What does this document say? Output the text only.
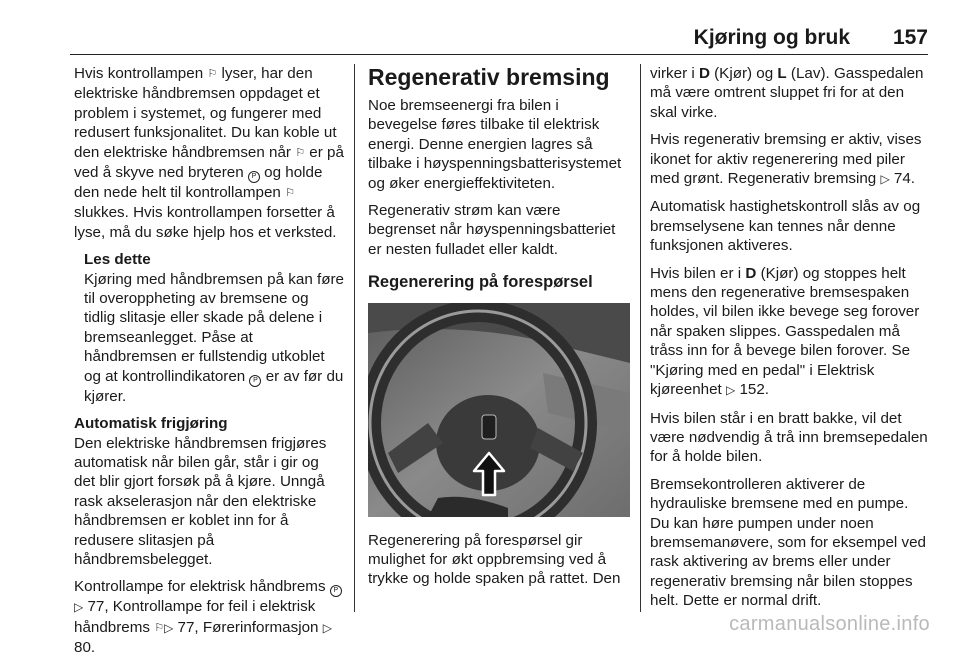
Kjøring og bruk 157

Hvis kontrollampen ⚐ lyser, har den elektriske håndbremsen oppdaget et problem i systemet, og fungerer med redusert funksjonalitet. Du kan koble ut den elektriske håndbremsen når ⚐ er på ved å skyve ned bryteren P og holde den nede helt til kontrollampen ⚐ slukkes. Hvis kontrollampen forsetter å lyse, må du søke hjelp hos et verksted.

Les dette

Kjøring med håndbremsen på kan føre til overoppheting av bremsene og tidlig slitasje eller skade på delene i bremseanlegget. Påse at håndbremsen er fullstendig utkoblet og at kontrollindikatoren P er av før du kjører.

Automatisk frigjøring

Den elektriske håndbremsen frigjøres automatisk når bilen går, står i gir og det blir gjort forsøk på å kjøre. Unngå rask akselerasjon når den elektriske håndbremsen er koblet inn for å redusere slitasjen på håndbremsbelegget.

Kontrollampe for elektrisk håndbrems P ▷ 77, Kontrollampe for feil i elektrisk håndbrems ⚐▷ 77, Førerinformasjon ▷ 80.

Regenerativ bremsing

Noe bremseenergi fra bilen i bevegelse føres tilbake til elektrisk energi. Denne energien lagres så tilbake i høyspenningsbatterisystemet og øker energieffektiviteten.

Regenerativ strøm kan være begrenset når høyspenningsbatteriet er nesten fulladet eller kaldt.

Regenerering på forespørsel

Regenerering på forespørsel gir mulighet for økt oppbremsing ved å trykke og holde spaken på rattet. Den

virker i D (Kjør) og L (Lav). Gasspedalen må være omtrent sluppet fri for at den skal virke.

Hvis regenerativ bremsing er aktiv, vises ikonet for aktiv regenerering med piler med grønt. Regenerativ bremsing ▷ 74.

Automatisk hastighetskontroll slås av og bremselysene kan tennes når denne funksjonen aktiveres.

Hvis bilen er i D (Kjør) og stoppes helt mens den regenerative bremsespaken holdes, vil bilen ikke bevege seg forover når spaken slippes. Gasspedalen må tråss inn for å bevege bilen forover. Se "Kjøring med en pedal" i Elektrisk kjøreenhet ▷ 152.

Hvis bilen står i en bratt bakke, vil det være nødvendig å trå inn bremsepedalen for å holde bilen.

Bremsekontrolleren aktiverer de hydrauliske bremsene med en pumpe. Du kan høre pumpen under noen bremsemanøvere, som for eksempel ved rask aktivering av brems eller under regenerativ bremsing når bilen stoppes helt. Dette er normal drift.

carmanualsonline.info
